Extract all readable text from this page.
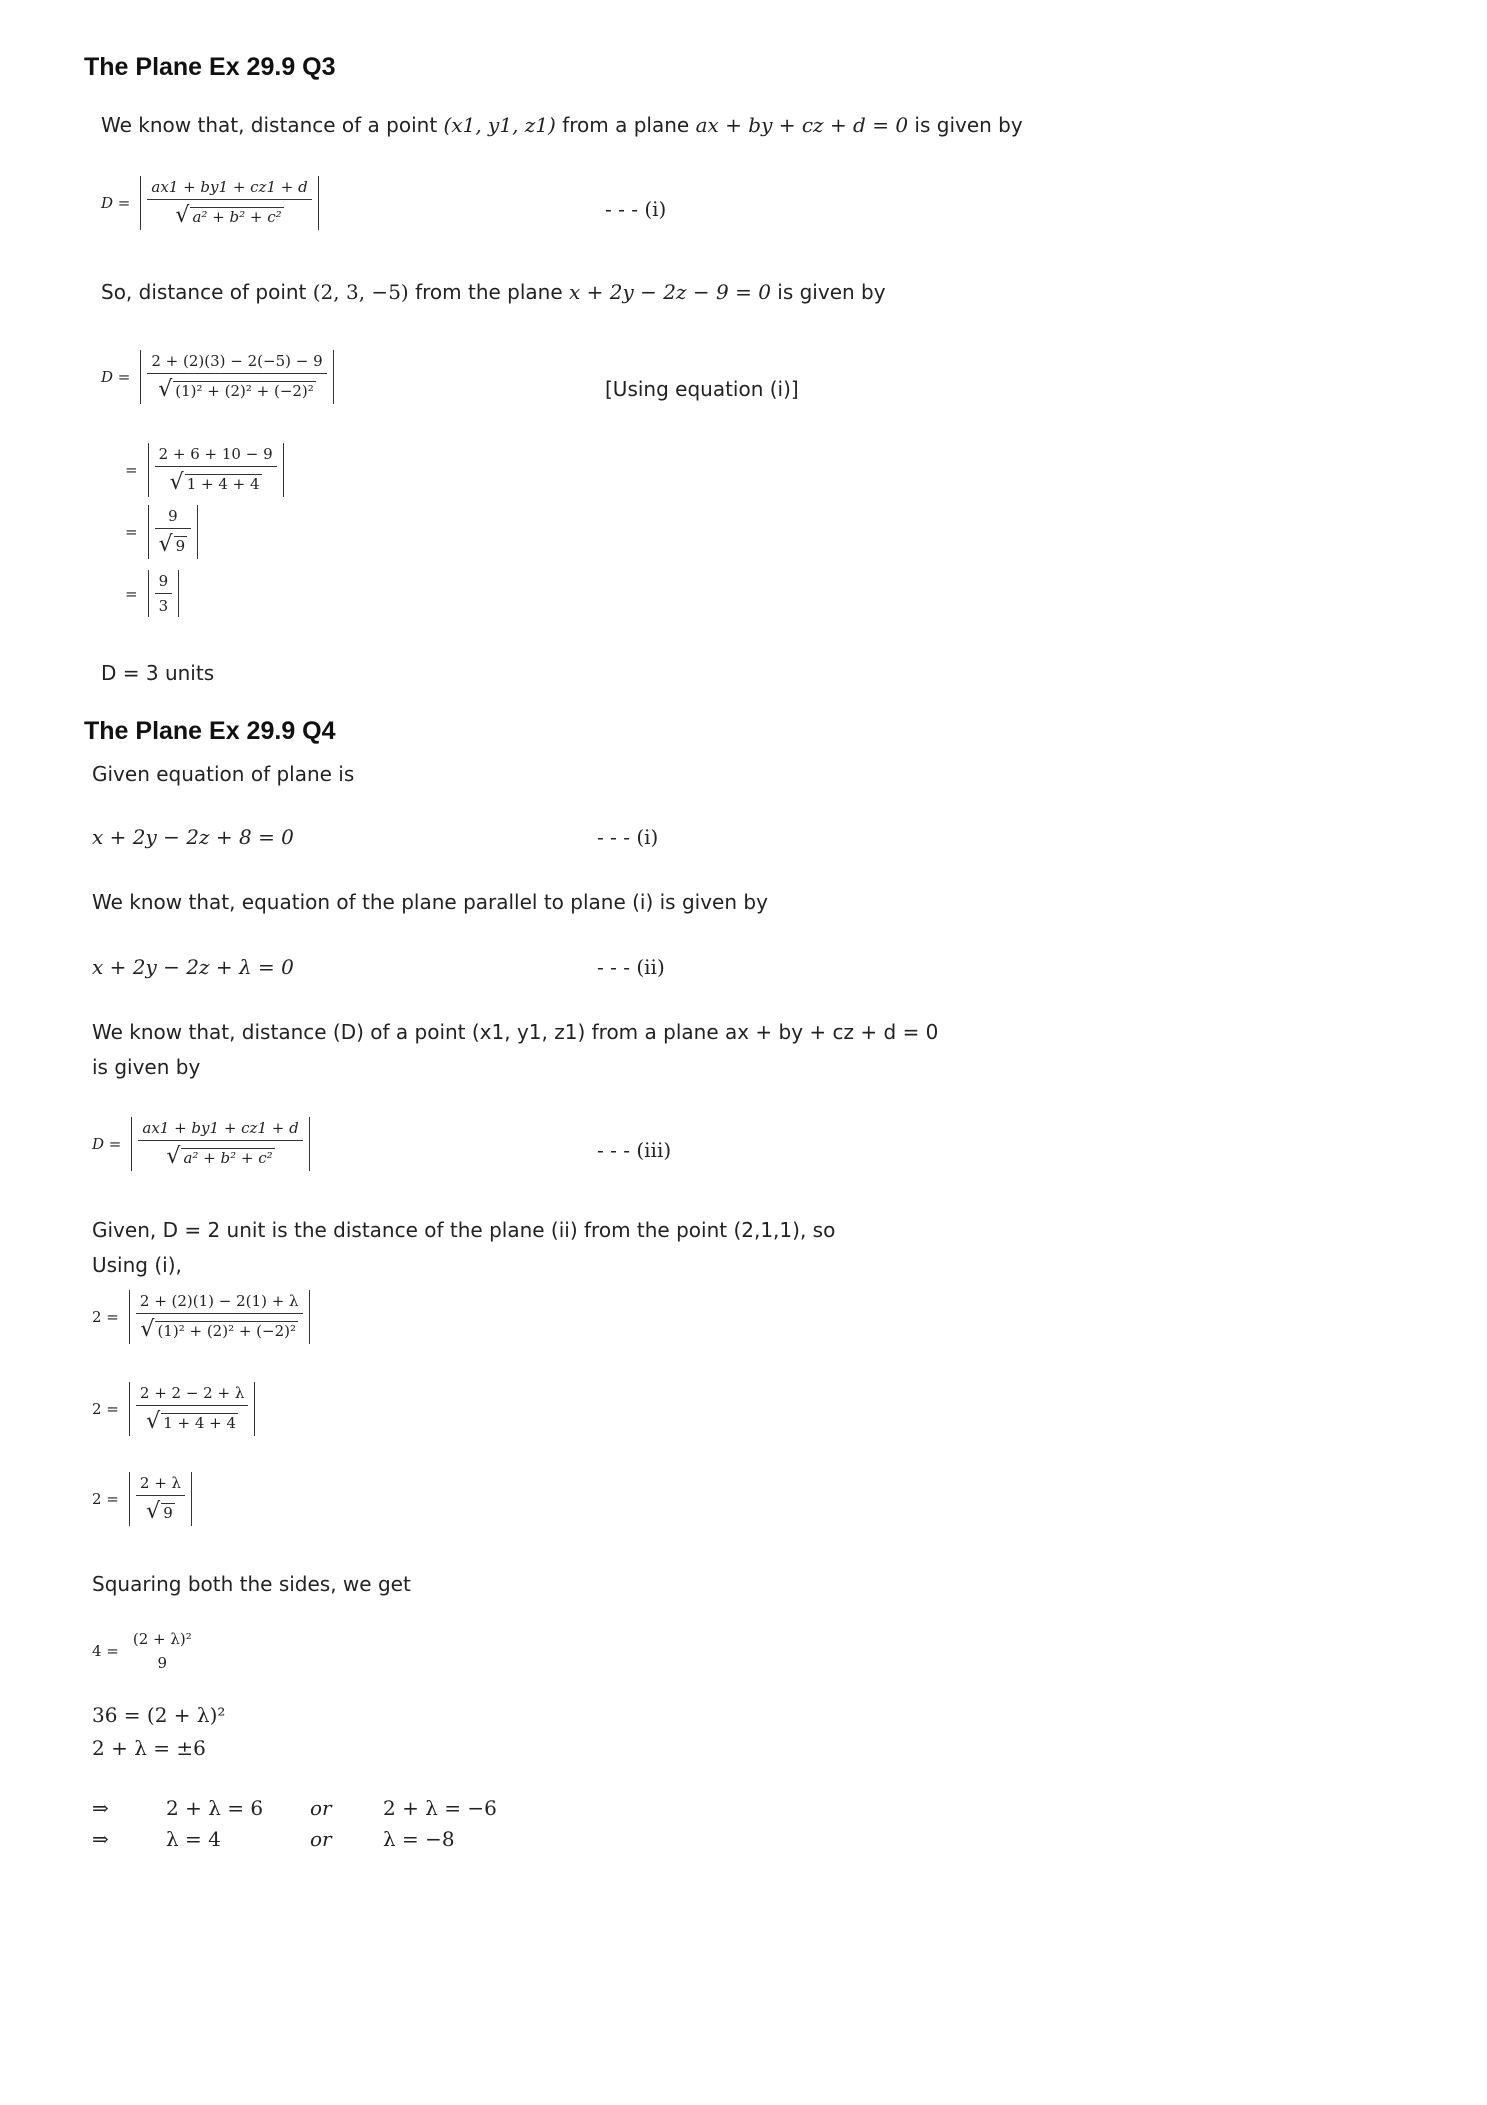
The Plane Ex 29.9 Q3
We know that, distance of a point (x1, y1, z1) from a plane ax + by + cz + d = 0 is given by
$D = \frac{ax1 + by1 + cz1 + d}{\text{√ a² + b² + c²}}$	- - - (i)
So, distance of point (2, 3, −5) from the plane x + 2y − 2z − 9 = 0 is given by
$D = \frac{2 + (2)(3) - 2(-5) - 9}{\text{√ (1)² + (2)² + (−2)²}}$	[Using equation (i)]
= $\frac{2 + 6 + 10 - 9}{√ 1 + 4 + 4}$
= $\frac{9}{√ 9}$
= $\frac{9}{3}$
D = 3 units
The Plane Ex 29.9 Q4
Given equation of plane is
x + 2y − 2z + 8 = 0	- - - (i)
We know that, equation of the plane parallel to plane (i) is given by
x + 2y − 2z + λ = 0	- - - (ii)
We know that, distance (D) of a point (x1, y1, z1) from a plane ax + by + cz + d = 0
is given by
$D = \frac{ax1 + by1 + cz1 + d}{\text{√ a² + b² + c²}}$	- - - (iii)
Given, D = 2 unit is the distance of the plane (ii) from the point (2,1,1), so
Using (i),
$2 = \frac{2 + (2)(1) - 2(1) + \lambda}{\text{√ (1)² + (2)² + (−2)²}}$
$2 = \frac{2 + 2 - 2 + \lambda}{√ 1 + 4 + 4}$
$2 = \frac{2 + \lambda}{√ 9}$
Squaring both the sides, we get
4 =
(2 + λ)²
9
36 = (2 + λ)²
2 + λ = ±6
⇒	2 + λ = 6 or	2 + λ = −6
⇒	λ = 4	or	λ = −8
